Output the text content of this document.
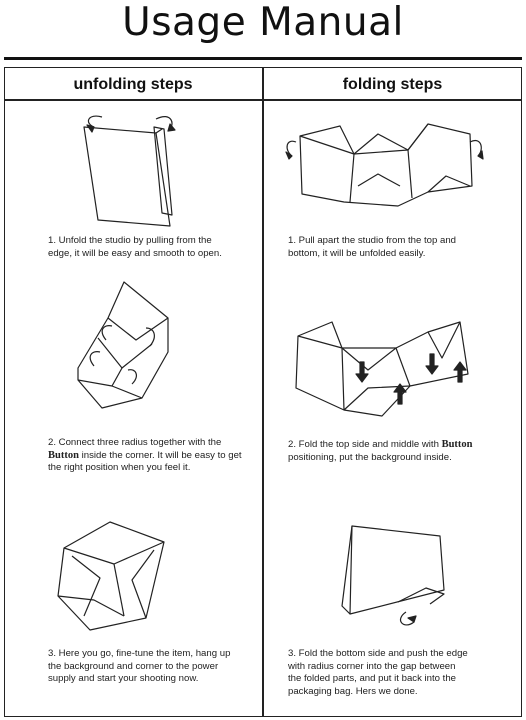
Usage Manual
unfolding steps	folding steps
1. Unfold the studio by pulling from the edge, it will be easy and smooth to open.
2. Connect three radius together with the Button inside the corner. It will be easy to get the right position when you feel it.
3. Here you go, fine-tune the item, hang up the background and corner to the power supply and start your shooting now.
1. Pull apart the studio from the top and bottom, it will be unfolded easily.
2. Fold the top side and middle with Button positioning, put the background inside.
3. Fold the bottom side and push the edge with radius corner into the gap between the folded parts, and put it back into the packaging bag. Hers we done.
